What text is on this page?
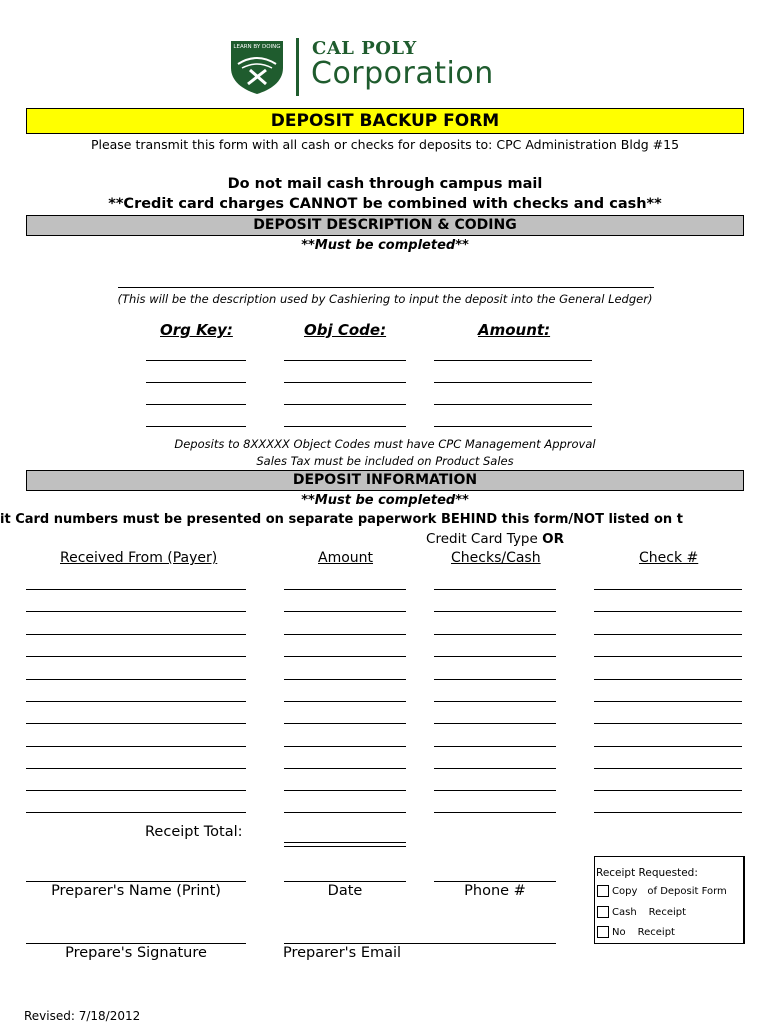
LEARN BY DOING CAL POLY
Corporation
DEPOSIT BACKUP FORM
Please transmit this form with all cash or checks for deposits to: CPC Administration Bldg #15
Do not mail cash through campus mail
**Credit card charges CANNOT be combined with checks and cash**
DEPOSIT DESCRIPTION & CODING
**Must be completed**
(This will be the description used by Cashiering to input the deposit into the General Ledger)
Org Key:	Obj Code:	Amount:
Deposits to 8XXXXX Object Codes must have CPC Management Approval
Sales Tax must be included on Product Sales
DEPOSIT INFORMATION
**Must be completed**
it Card numbers must be presented on separate paperwork BEHIND this form/NOT listed on t
Credit Card Type OR
Received From (Payer)	Amount	Checks/Cash	Check #
Receipt Total:
Preparer's Name (Print)	Date	Phone #
Prepare's Signature	Preparer's Email
Receipt Requested:
Copy of Deposit Form
Cash Receipt
No Receipt
Revised: 7/18/2012
